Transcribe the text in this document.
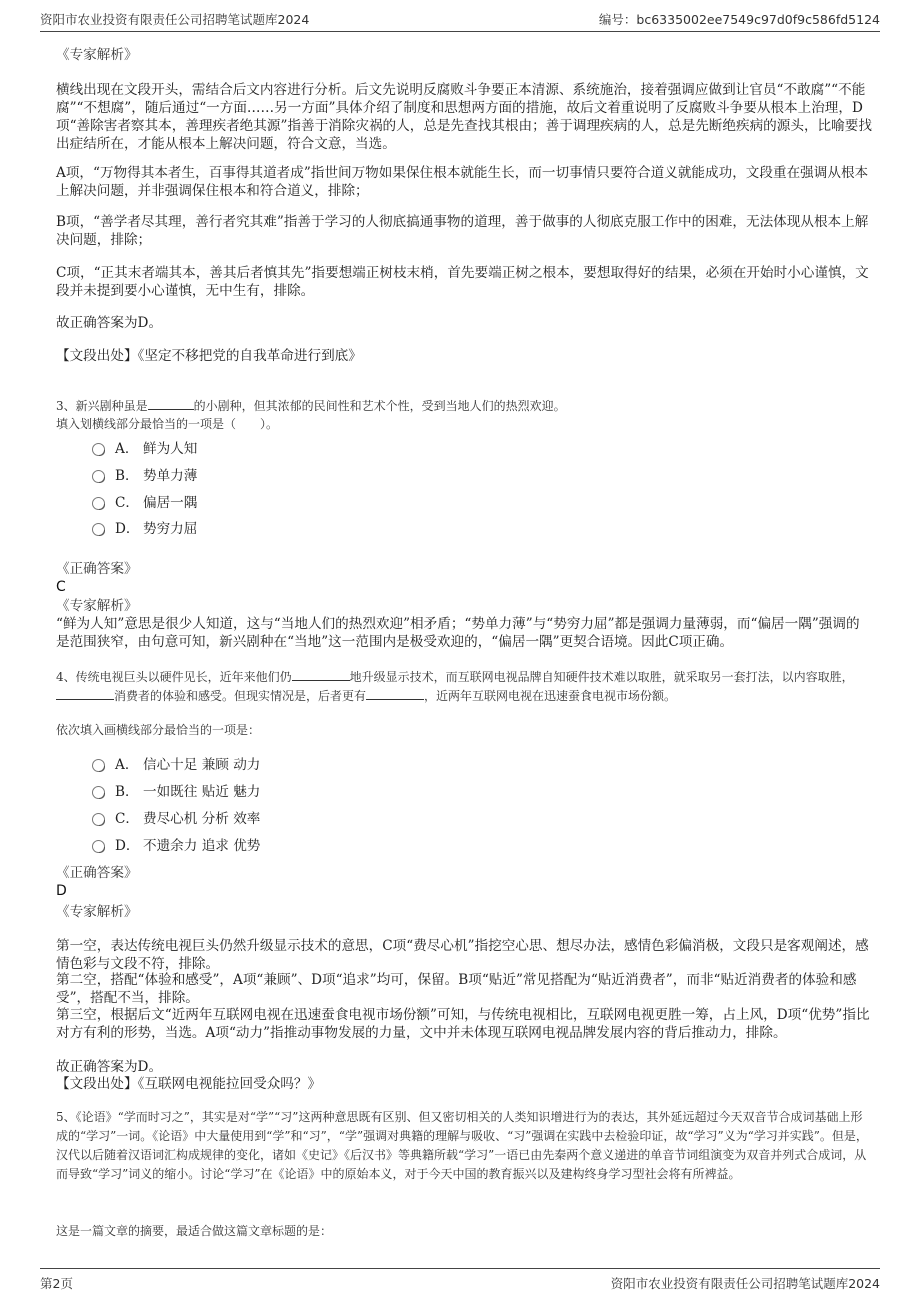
资阳市农业投资有限责任公司招聘笔试题库2024	编号：bc6335002ee7549c97d0f9c586fd5124
《专家解析》
横线出现在文段开头，需结合后文内容进行分析。后文先说明反腐败斗争要正本清源、系统施治，接着强调应做到让官员“不敢腐”“不能腐”“不想腐”，随后通过“一方面……另一方面”具体介绍了制度和思想两方面的措施，故后文着重说明了反腐败斗争要从根本上治理，D项“善除害者察其本，善理疾者绝其源”指善于消除灾祸的人，总是先查找其根由；善于调理疾病的人，总是先断绝疾病的源头，比喻要找出症结所在，才能从根本上解决问题，符合文意，当选。
A项，“万物得其本者生，百事得其道者成”指世间万物如果保住根本就能生长，而一切事情只要符合道义就能成功，文段重在强调从根本上解决问题，并非强调保住根本和符合道义，排除；
B项，“善学者尽其理，善行者究其难”指善于学习的人彻底搞通事物的道理，善于做事的人彻底克服工作中的困难，无法体现从根本上解决问题，排除；
C项，“正其末者端其本，善其后者慎其先”指要想端正树枝末梢，首先要端正树之根本，要想取得好的结果，必须在开始时小心谨慎，文段并未提到要小心谨慎，无中生有，排除。
故正确答案为D。
【文段出处】《坚定不移把党的自我革命进行到底》
3、新兴剧种虽是	的小剧种，但其浓郁的民间性和艺术个性，受到当地人们的热烈欢迎。
填入划横线部分最恰当的一项是（　　）。
A． 鲜为人知
B． 势单力薄
C． 偏居一隅
D． 势穷力屈
《正确答案》
C
《专家解析》
“鲜为人知”意思是很少人知道，这与“当地人们的热烈欢迎”相矛盾；“势单力薄”与“势穷力屈”都是强调力量薄弱，而“偏居一隅”强调的是范围狭窄，由句意可知，新兴剧种在“当地”这一范围内是极受欢迎的，“偏居一隅”更契合语境。因此C项正确。
4、传统电视巨头以硬件见长，近年来他们仍	地升级显示技术，而互联网电视品牌自知硬件技术难以取胜，就采取另一套打法，以内容取胜，消费者的体验和感受。但现实情况是，后者更有	，近两年互联网电视在迅速蚕食电视市场份额。
依次填入画横线部分最恰当的一项是：
A． 信心十足 兼顾 动力
B． 一如既往 贴近 魅力
C． 费尽心机 分析 效率
D． 不遗余力 追求 优势
《正确答案》
D
《专家解析》
第一空，表达传统电视巨头仍然升级显示技术的意思，C项“费尽心机”指挖空心思、想尽办法，感情色彩偏消极，文段只是客观阐述，感情色彩与文段不符，排除。
第二空，搭配“体验和感受”，A项“兼顾”、D项“追求”均可，保留。B项“贴近”常见搭配为“贴近消费者”，而非“贴近消费者的体验和感受”，搭配不当，排除。
第三空，根据后文“近两年互联网电视在迅速蚕食电视市场份额”可知，与传统电视相比，互联网电视更胜一筹，占上风，D项“优势”指比对方有利的形势，当选。A项“动力”指推动事物发展的力量，文中并未体现互联网电视品牌发展内容的背后推动力，排除。
故正确答案为D。
【文段出处】《互联网电视能拉回受众吗？》
5、《论语》“学而时习之”，其实是对“学”“习”这两种意思既有区别、但又密切相关的人类知识增进行为的表达，其外延远超过今天双音节合成词基础上形成的“学习”一词。《论语》中大量使用到“学”和“习”，“学”强调对典籍的理解与吸收、“习”强调在实践中去检验印证，故“学习”义为“学习并实践”。但是，汉代以后随着汉语词汇构成规律的变化，诸如《史记》《后汉书》等典籍所载“学习”一语已由先秦两个意义递进的单音节词组演变为双音并列式合成词，从而导致“学习”词义的缩小。讨论“学习”在《论语》中的原始本义，对于今天中国的教育振兴以及建构终身学习型社会将有所裨益。
这是一篇文章的摘要，最适合做这篇文章标题的是：
第2页	资阳市农业投资有限责任公司招聘笔试题库2024
